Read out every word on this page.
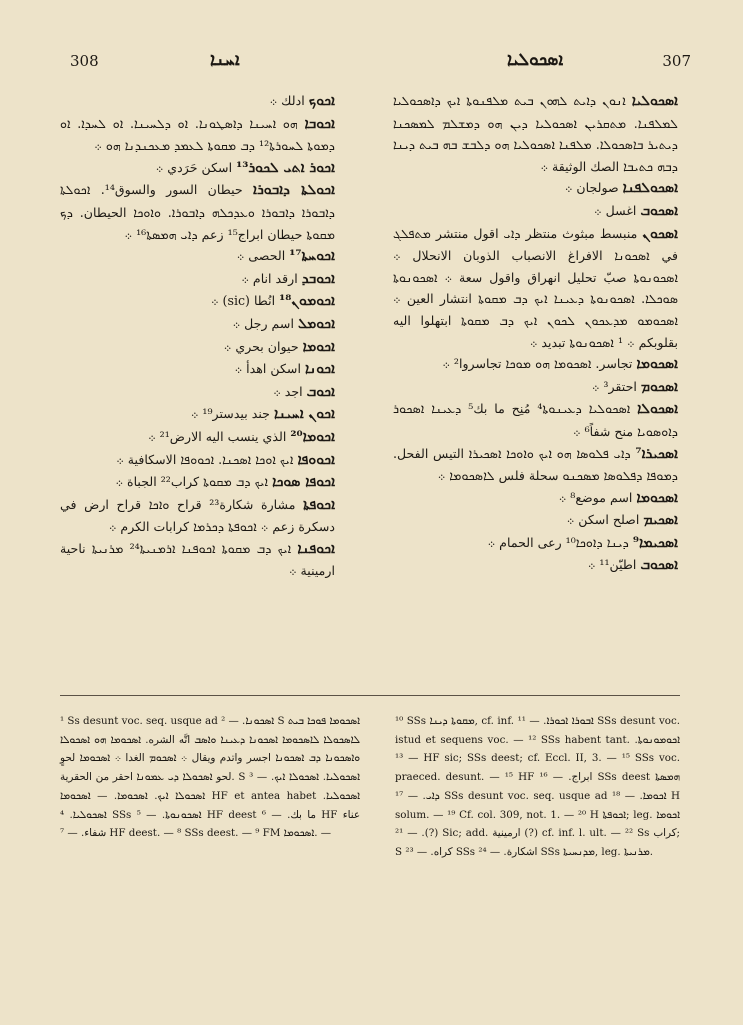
308	ܐܚܢܐ	ܐܣܟܘܠܝܐ	307

ܐܟܘܟ ادلك ܀

ܐܟܘܒܐ ܗܘ ܐܚܝܢܐ ܕܐܣܛܘܢܐ. ܐܘ ܕܠܚܝܢܐ. ܐܘ ܠܚܕܐ. ܐܘ ܕܡܘܬܐ ܠܚܘܪܬܐ¹² ܕܒ ܡܩܘܬܐ ܠܥܡܕ ܡܥܟܢܕܢܐ ܗܘ ܀

ܐܟܘܪ ܐܬܝ ܠܟܘܪ¹³ اسكن حَرَدي ܀

ܐܟܘܠܬܐ ܕܐܒܘܪܐ حيطان السور والسوق¹⁴. ܐܟܘܠܬܐ ܕܐܒܘܪܐ ܕܐܒܘܪܐ ܘܥܕܟܠܗ ܕܐܒܘܪܐ. ܘܐܘܟܐ الحيطان. ܕܟ ܡܩܘܬܐ حيطان ابراج¹⁵ زعم ܕܐܝ ܗܡܣܬܐ¹⁶ ܀

ܐܟܘܚܬܐ¹⁷ الحصى ܀

ܐܟܘܒܕ ارقد انام ܀

ܐܟܘܡܘܢ¹⁸ انُطا (sic) ܀

ܐܟܘܡܠ اسم رجل ܀

ܐܟܘܡܐ حيوان بحري ܀

ܐܟܘܢܐ اسكن اهدأ ܀

ܐܟܘܒ اجد ܀

ܐܟܘܢ ܐܚܝܢܐ جند بيدستر¹⁹ ܀

ܐܟܘܡܐ²⁰ الذي ينسب اليه الارض²¹ ܀

ܐܟܘܘܦܐ ܐܝܟ ܐܘܟܐ ܐܣܟܢܐ. ܐܟܘܘܦܐ الاسكافية ܀

ܐܟܘܦܐ ܣܘܟܐ ܐܝܟ ܕܒ ܡܩܘܬܐ كراب²² الجباة ܀

ܐܟܘܦܬܐ مشارة شكارة²³ قراح ܘܐܟܐ قراح ارض في دسكرة زعم ܀ ܐܟܘܦܬܐ ܕܟܪܡܐ كرابات الكرم ܀

ܐܟܘܦܢܐ ܐܝܟ ܕܒ ܡܩܘܬܐ ܐܟܘܦܢܐ ܐܪܡܢܝܬܐ²⁴ ܡܪܢܝܬܐ ناحية ارمينية ܀

ܐܣܟܘܠܝܐ ܐܢܘܢ ܕܐܝܬ ܠܗܘܢ ܒܝܬ ܡܠܦܢܘܬܐ ܐܝܟ ܕܐܣܟܘܠܝܐ ܠܡܠܦܢܐ. ܡܬܩܪܝܢ ܐܣܟܘܠܝܐ ܕܝܢ ܗܘ ܕܡܫܠܡ ܠܡܣܟܢܐ ܕܝܬܝܪ ܒܐܣܟܘܠܐ. ܡܠܦܢܐ ܐܣܟܘܠܝܐ ܗܘ ܕܠܒܫ ܒܗ ܒܝܬ ܕܝܢܐ ܕܒܗ ܟܬܝܒܐ الصك الوثيقة ܀

ܐܣܟܘܠܦܢܐ صولجان ܀

ܐܣܟܘܒ اغسل ܀

ܐܣܟܘܢ منبسط مبثوث منتظر ܕܐܝ اقول منتشر ܡܬܦܠܓ في ܐܣܟܘܢܐ الافراغ الانصباب الذوبان الانحلال ܀ ܐܣܟܘܢܘܬܐ صبّ تحليل انهراق واقول سعة ܀ ܐܣܟܘܢܘܬܐ ܣܘܟܠܐ. ܐܣܟܘܢܘܬܐ ܕܥܝܢܐ ܐܝܟ ܕܒ ܡܩܘܬܐ انتشار العين ܀ ܐܣܟܘܡܘ ܡܕܥܟܘܢ ܠܟܘܢ ܐܝܟ ܕܒ ܡܩܘܬܐ ابتهلوا اليه بقلوبكم ܀ ¹ ܐܣܟܘܢܘܬܐ تبديد ܀

ܐܣܟܘܡܐ تجاسر. ܐܣܟܘܡܐ ܗܘ ܡܘܟܐ تجاسروا² ܀

ܐܣܟܘܡ احتقر³ ܀

ܐܣܟܘܠܐ ܐܣܟܘܠܝܐ ܕܥܝܢܘܬܐ⁴ مُنِح ما بك⁵ ܕܥܝܢܐ ܐܣܟܘܪ ܕܐܘܣܘܝܐ منح شفاً⁶ ܀

ܐܣܟܝܪܐ⁷ ܕܐܝ ܦܠܘܣܐ ܗܘ ܐܝܟ ܘܐܘܟܐ ܐܣܟܝܪܐ التيس الفحل. ܕܡܘܦܐ ܕܦܠܘܣܐ ܡܣܟܢܘ سحلة فلس ܠܐܣܟܘܡܐ ܀

ܐܣܟܘܡܐ اسم موضع⁸ ܀

ܐܣܟܝܡ اصلح اسكن ܀

ܐܣܟܝܡܐ⁹ ܕܝܢܐ ܕܐܘܟܐ¹⁰ رعى الحمام ܀

ܐܣܟܘܒ اطيّن¹¹ ܀

¹ Ss desunt voc. seq. usque ad ܐܣܟܘܢܐ. — ² S ܐܣܟܘܡܐ ܦܘܟܐ ܒܝܬ ܠܐܣܟܘܠܐ ܠܐܣܟܘܡܐ ܐܣܟܘܢܐ ܕܥܝܢܐ ܘܐܣܒ اتَّه الشره. ܐܣܟܘܡܐ ܗܘ ܐܣܟܘܠܐ ܘܐܣܟܘܢܐ ܕܒ ܐܣܟܘܢܐ اجسر واتدم ويقال ܀ ܐܣܟܘܡ الغدا ܀ ܐܣܟܘܡܐ لحوٍ لحو ܐܣܟܘܠܐ ܕܝ ܥܡܘܢܐ احقر من الحقرية. S ³ — ܐܣܟܘܠܝܐ. ܐܣܟܘܠܐ ܐܝܟ. ܐܣܟܘܠܐ ܐܝܟ. ܐܣܟܘܡܐ. — ܐܣܟܘܡܐ HF et antea habet ܐܣܟܘܠܝܐ. ܐܣܟܘܠܝܐ. ⁴ SSs ܐܣܟܘܢܘܬܐ. — ⁵ HF deest ما بك. — ⁶ HF عناء شفاء. — ⁷ HF deest. — ⁸ SSs deest. — ⁹ FM ܐܣܟܘܡܐ. —
¹⁰ SSs ܡܩܘܬܐ ܕܝܢܐ, cf. inf. ܐܒܘܪܐ ܐܟܘܪܐ. — ¹¹ SSs desunt voc. istud et sequens voc. — ¹² SSs habent tant. ܐܟܘܡܘܢܘܬܐ. — ¹³ HF sic; SSs deest; cf. Eccl. II, 3. — ¹⁵ SSs voc. praeced. desunt. — ¹⁵ HF ابراج. — ¹⁶ SSs deest ܗܡܣܬܐ ܕܐܝ. — ¹⁷ SSs desunt voc. seq. usque ad ܐܟܘܡܐ. — ¹⁸ H solum. — ¹⁹ Cf. col. 309, not. 1. — ²⁰ H ܐܟܘܦܬܐ; leg. ܐܟܘܡܐ (?). — ²¹ Sic; add. ارمينية (?) cf. inf. l. ult. — ²² Ss كراب; S كراه. — ²³ SSs اشكارة. — ²⁴ SSs ܡܕܢܚܝܬܐ, leg. ܡܪܢܝܬܐ.
